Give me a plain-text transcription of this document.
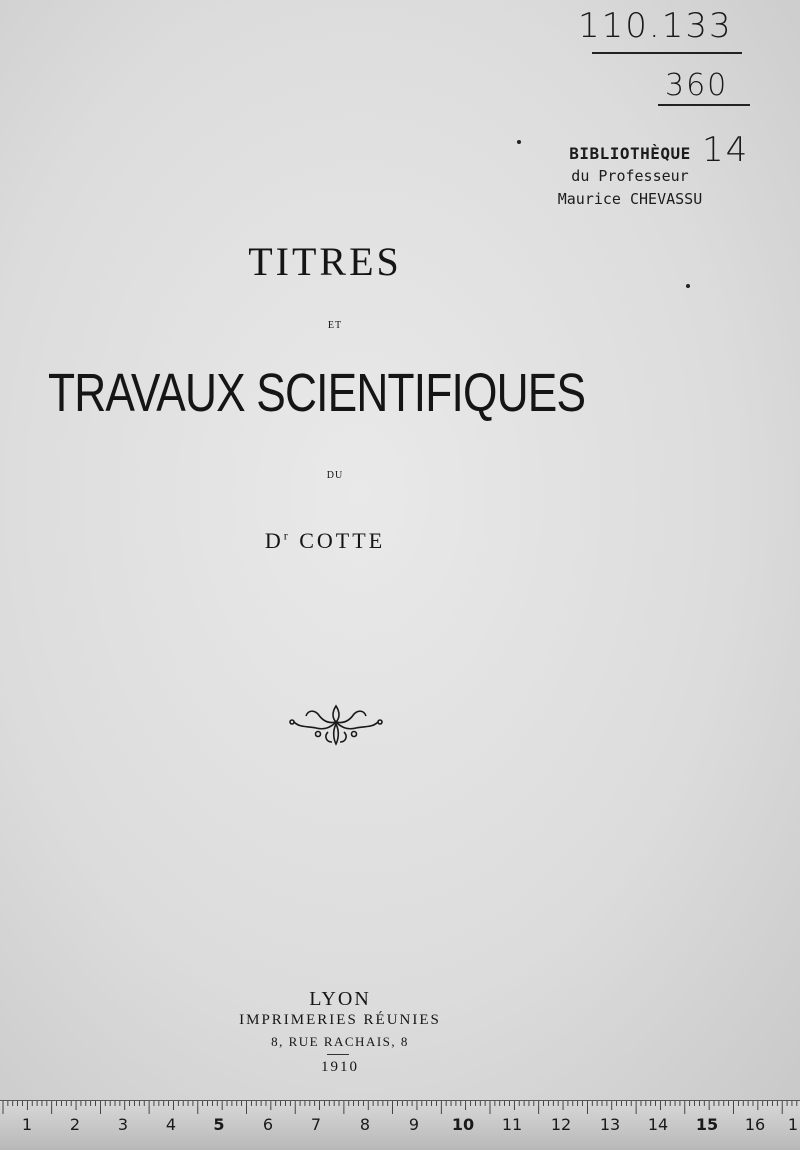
110.133
360
14
BIBLIOTHÈQUE
du Professeur
Maurice CHEVASSU
TITRES
ET
TRAVAUX SCIENTIFIQUES
DU
$D^r$ COTTE
LYON
IMPRIMERIES RÉUNIES
8, RUE RACHAIS, 8
1910
1 2 3 4 5 6 7 8 9 10 11 12 13 14 15 16 1
